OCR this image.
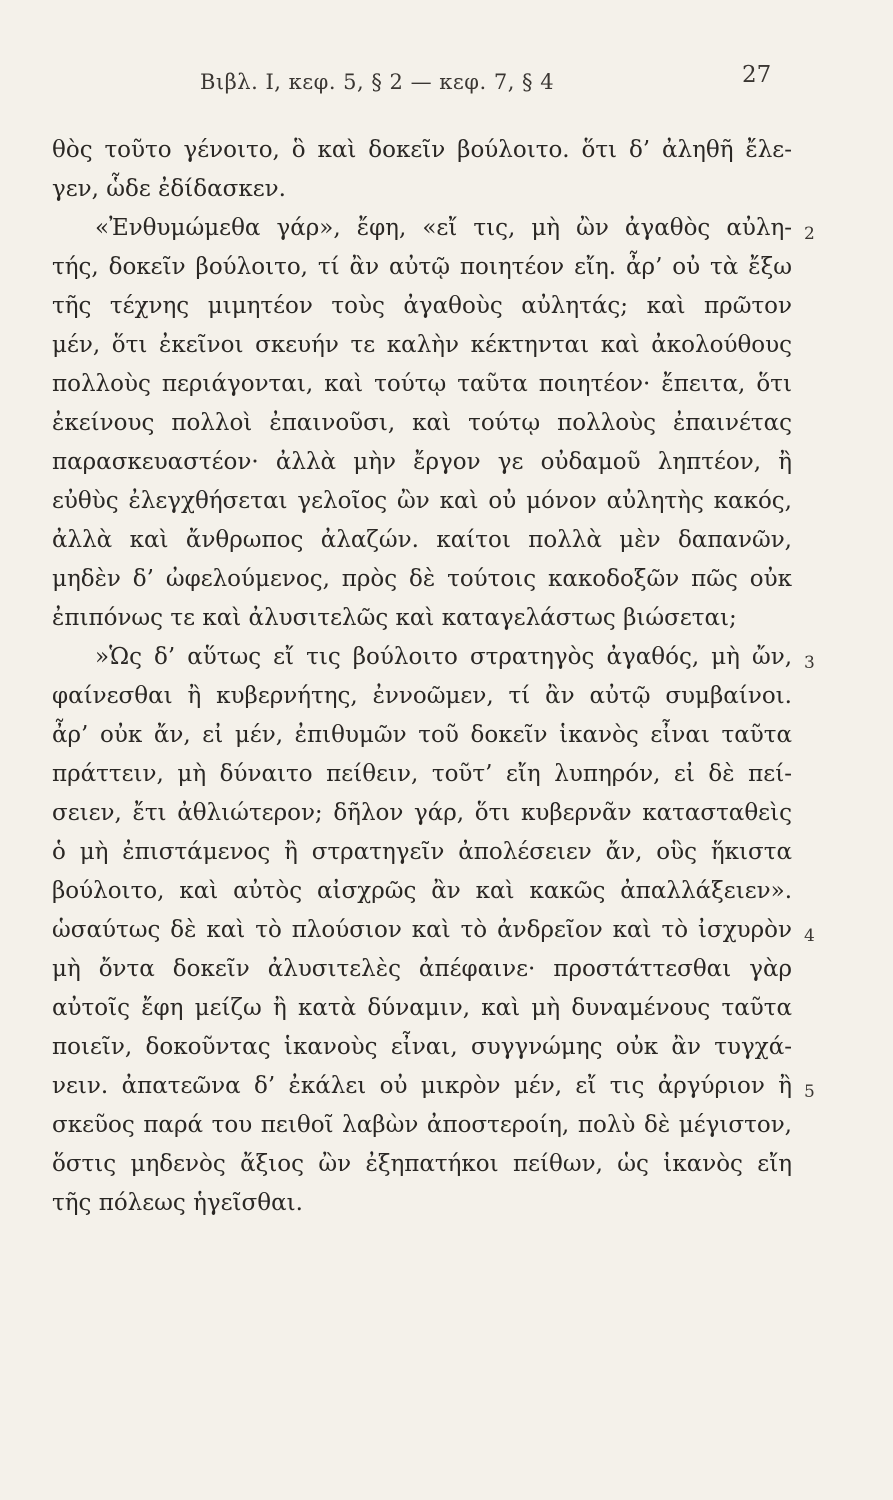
Βιβλ. I, κεφ. 5, § 2 — κεφ. 7, § 4	27
θὸς τοῦτο γένοιτο, ὃ καὶ δοκεῖν βούλοιτο. ὅτι δ’ ἀληθῆ ἔλε-
γεν, ὧδε ἐδίδασκεν.
«Ἐνθυμώμεθα γάρ», ἔφη, «εἴ τις, μὴ ὢν ἀγαθὸς αὐλη-
τής, δοκεῖν βούλοιτο, τί ἂν αὐτῷ ποιητέον εἴη. ἆρ’ οὐ τὰ ἔξω
τῆς τέχνης μιμητέον τοὺς ἀγαθοὺς αὐλητάς; καὶ πρῶτον
μέν, ὅτι ἐκεῖνοι σκευήν τε καλὴν κέκτηνται καὶ ἀκολούθους
πολλοὺς περιάγονται, καὶ τούτῳ ταῦτα ποιητέον· ἔπειτα, ὅτι
ἐκείνους πολλοὶ ἐπαινοῦσι, καὶ τούτῳ πολλοὺς ἐπαινέτας
παρασκευαστέον· ἀλλὰ μὴν ἔργον γε οὐδαμοῦ ληπτέον, ἢ
εὐθὺς ἐλεγχθήσεται γελοῖος ὢν καὶ οὐ μόνον αὐλητὴς κακός,
ἀλλὰ καὶ ἄνθρωπος ἀλαζών. καίτοι πολλὰ μὲν δαπανῶν,
μηδὲν δ’ ὠφελούμενος, πρὸς δὲ τούτοις κακοδοξῶν πῶς οὐκ
ἐπιπόνως τε καὶ ἀλυσιτελῶς καὶ καταγελάστως βιώσεται;
»Ὡς δ’ αὕτως εἴ τις βούλοιτο στρατηγὸς ἀγαθός, μὴ ὤν,
φαίνεσθαι ἢ κυβερνήτης, ἐννοῶμεν, τί ἂν αὐτῷ συμβαίνοι.
ἆρ’ οὐκ ἄν, εἰ μέν, ἐπιθυμῶν τοῦ δοκεῖν ἱκανὸς εἶναι ταῦτα
πράττειν, μὴ δύναιτο πείθειν, τοῦτ’ εἴη λυπηρόν, εἰ δὲ πεί-
σειεν, ἔτι ἀθλιώτερον; δῆλον γάρ, ὅτι κυβερνᾶν κατασταθεὶς
ὁ μὴ ἐπιστάμενος ἢ στρατηγεῖν ἀπολέσειεν ἄν, οὓς ἥκιστα
βούλοιτο, καὶ αὐτὸς αἰσχρῶς ἂν καὶ κακῶς ἀπαλλάξειεν».
ὡσαύτως δὲ καὶ τὸ πλούσιον καὶ τὸ ἀνδρεῖον καὶ τὸ ἰσχυρὸν
μὴ ὄντα δοκεῖν ἀλυσιτελὲς ἀπέφαινε· προστάττεσθαι γὰρ
αὐτοῖς ἔφη μείζω ἢ κατὰ δύναμιν, καὶ μὴ δυναμένους ταῦτα
ποιεῖν, δοκοῦντας ἱκανοὺς εἶναι, συγγνώμης οὐκ ἂν τυγχά-
νειν. ἀπατεῶνα δ’ ἐκάλει οὐ μικρὸν μέν, εἴ τις ἀργύριον ἢ
σκεῦος παρά του πειθοῖ λαβὼν ἀποστεροίη, πολὺ δὲ μέγιστον,
ὅστις μηδενὸς ἄξιος ὢν ἐξηπατήκοι πείθων, ὡς ἱκανὸς εἴη
τῆς πόλεως ἡγεῖσθαι.
2
3
4
5
